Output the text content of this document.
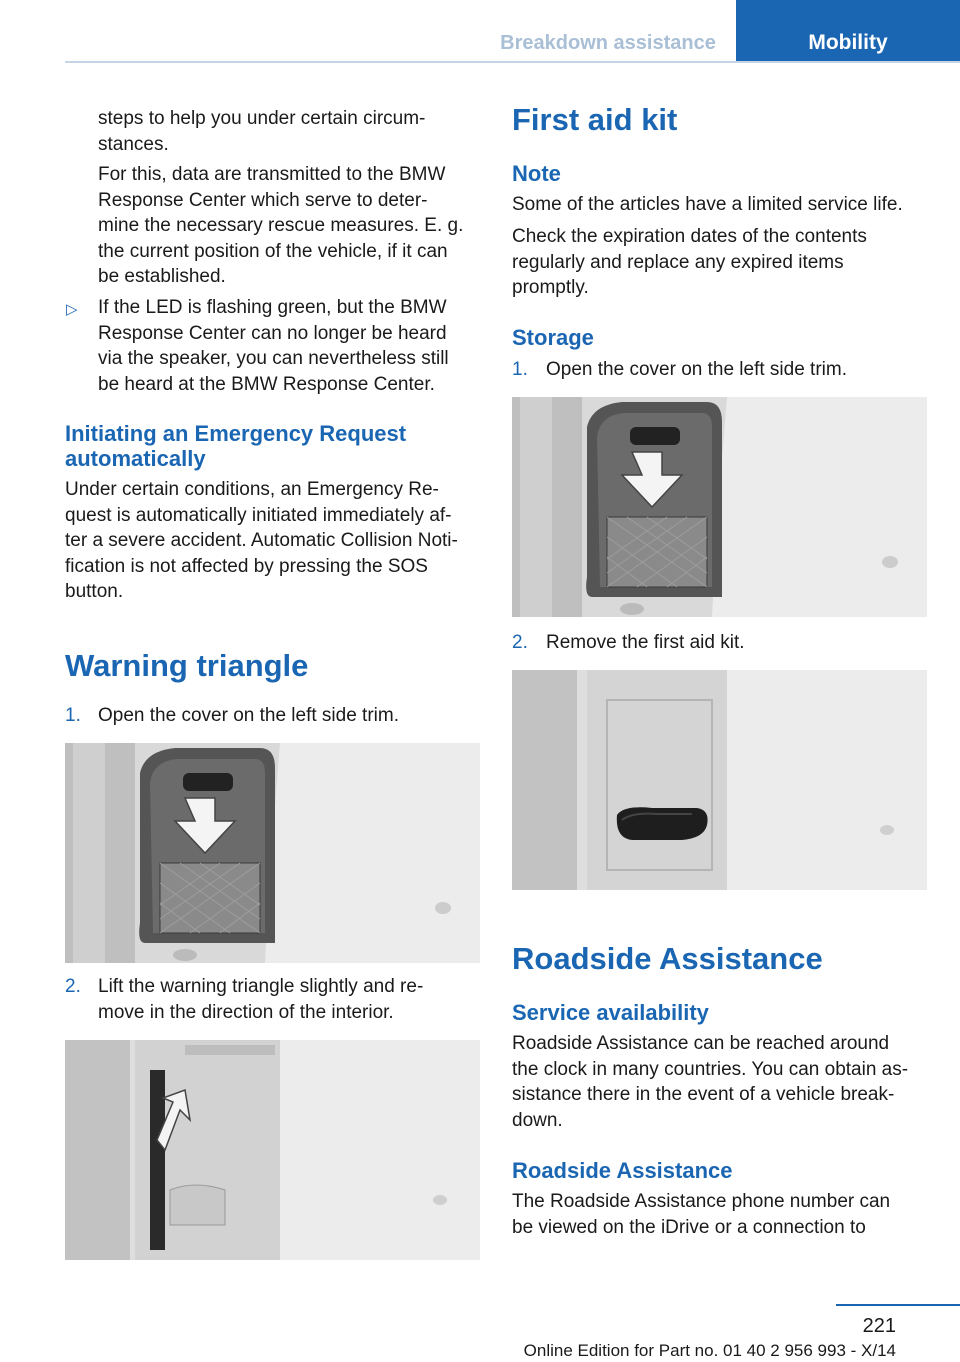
Breakdown assistance	Mobility
steps to help you under certain circum-
stances.
For this, data are transmitted to the BMW
Response Center which serve to deter-
mine the necessary rescue measures. E. g.
the current position of the vehicle, if it can
be established.
▷ If the LED is flashing green, but the BMW
Response Center can no longer be heard
via the speaker, you can nevertheless still
be heard at the BMW Response Center.
Initiating an Emergency Request
automatically
Under certain conditions, an Emergency Re-
quest is automatically initiated immediately af-
ter a severe accident. Automatic Collision Noti-
fication is not affected by pressing the SOS
button.
Warning triangle
1. Open the cover on the left side trim.
2. Lift the warning triangle slightly and re-
move in the direction of the interior.
First aid kit
Note
Some of the articles have a limited service life.
Check the expiration dates of the contents
regularly and replace any expired items
promptly.
Storage
1. Open the cover on the left side trim.
2. Remove the first aid kit.
Roadside Assistance
Service availability
Roadside Assistance can be reached around
the clock in many countries. You can obtain as-
sistance there in the event of a vehicle break-
down.
Roadside Assistance
The Roadside Assistance phone number can
be viewed on the iDrive or a connection to
221
Online Edition for Part no. 01 40 2 956 993 - X/14
